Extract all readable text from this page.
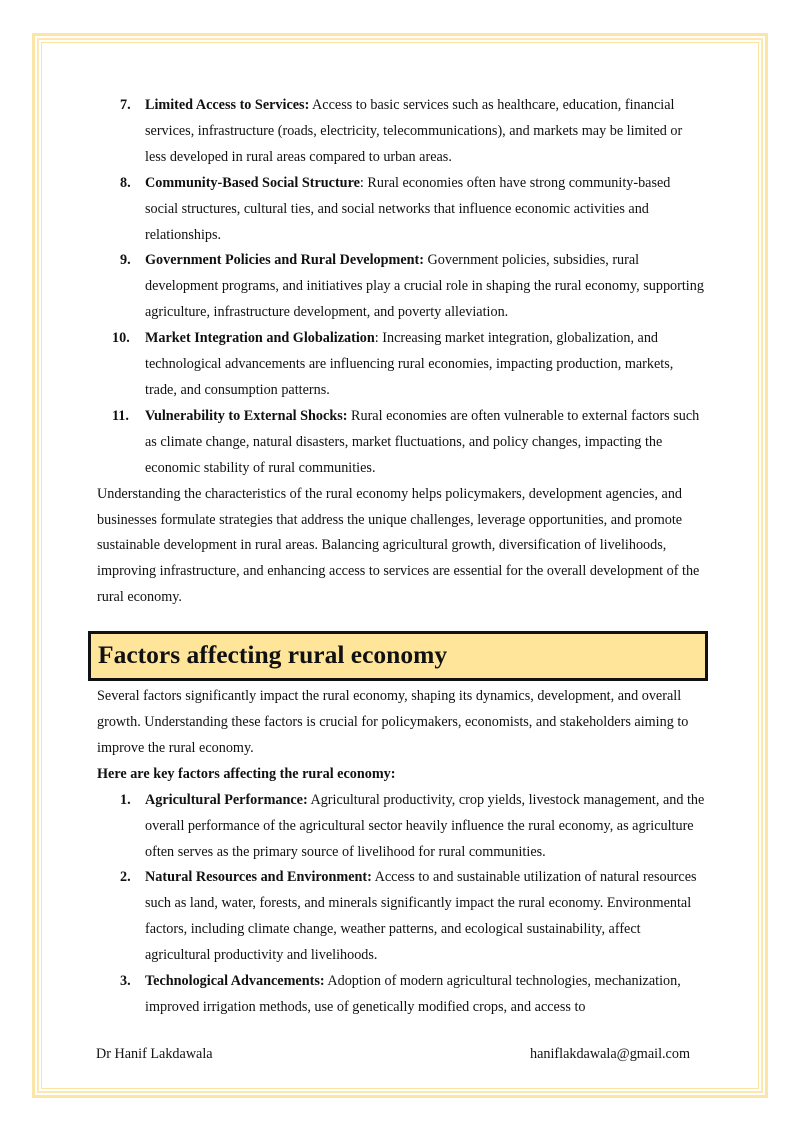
7.	Limited Access to Services: Access to basic services such as healthcare, education, financial services, infrastructure (roads, electricity, telecommunications), and markets may be limited or less developed in rural areas compared to urban areas.
8.	Community-Based Social Structure: Rural economies often have strong community-based social structures, cultural ties, and social networks that influence economic activities and relationships.
9.	Government Policies and Rural Development: Government policies, subsidies, rural development programs, and initiatives play a crucial role in shaping the rural economy, supporting agriculture, infrastructure development, and poverty alleviation.
10.	Market Integration and Globalization: Increasing market integration, globalization, and technological advancements are influencing rural economies, impacting production, markets, trade, and consumption patterns.
11.	Vulnerability to External Shocks: Rural economies are often vulnerable to external factors such as climate change, natural disasters, market fluctuations, and policy changes, impacting the economic stability of rural communities.

Understanding the characteristics of the rural economy helps policymakers, development agencies, and businesses formulate strategies that address the unique challenges, leverage opportunities, and promote sustainable development in rural areas. Balancing agricultural growth, diversification of livelihoods, improving infrastructure, and enhancing access to services are essential for the overall development of the rural economy.

Factors affecting rural economy

Several factors significantly impact the rural economy, shaping its dynamics, development, and overall growth. Understanding these factors is crucial for policymakers, economists, and stakeholders aiming to improve the rural economy.

Here are key factors affecting the rural economy:

1.	Agricultural Performance: Agricultural productivity, crop yields, livestock management, and the overall performance of the agricultural sector heavily influence the rural economy, as agriculture often serves as the primary source of livelihood for rural communities.
2.	Natural Resources and Environment: Access to and sustainable utilization of natural resources such as land, water, forests, and minerals significantly impact the rural economy. Environmental factors, including climate change, weather patterns, and ecological sustainability, affect agricultural productivity and livelihoods.
3.	Technological Advancements: Adoption of modern agricultural technologies, mechanization, improved irrigation methods, use of genetically modified crops, and access to
Dr Hanif Lakdawala	haniflakdawala@gmail.com
